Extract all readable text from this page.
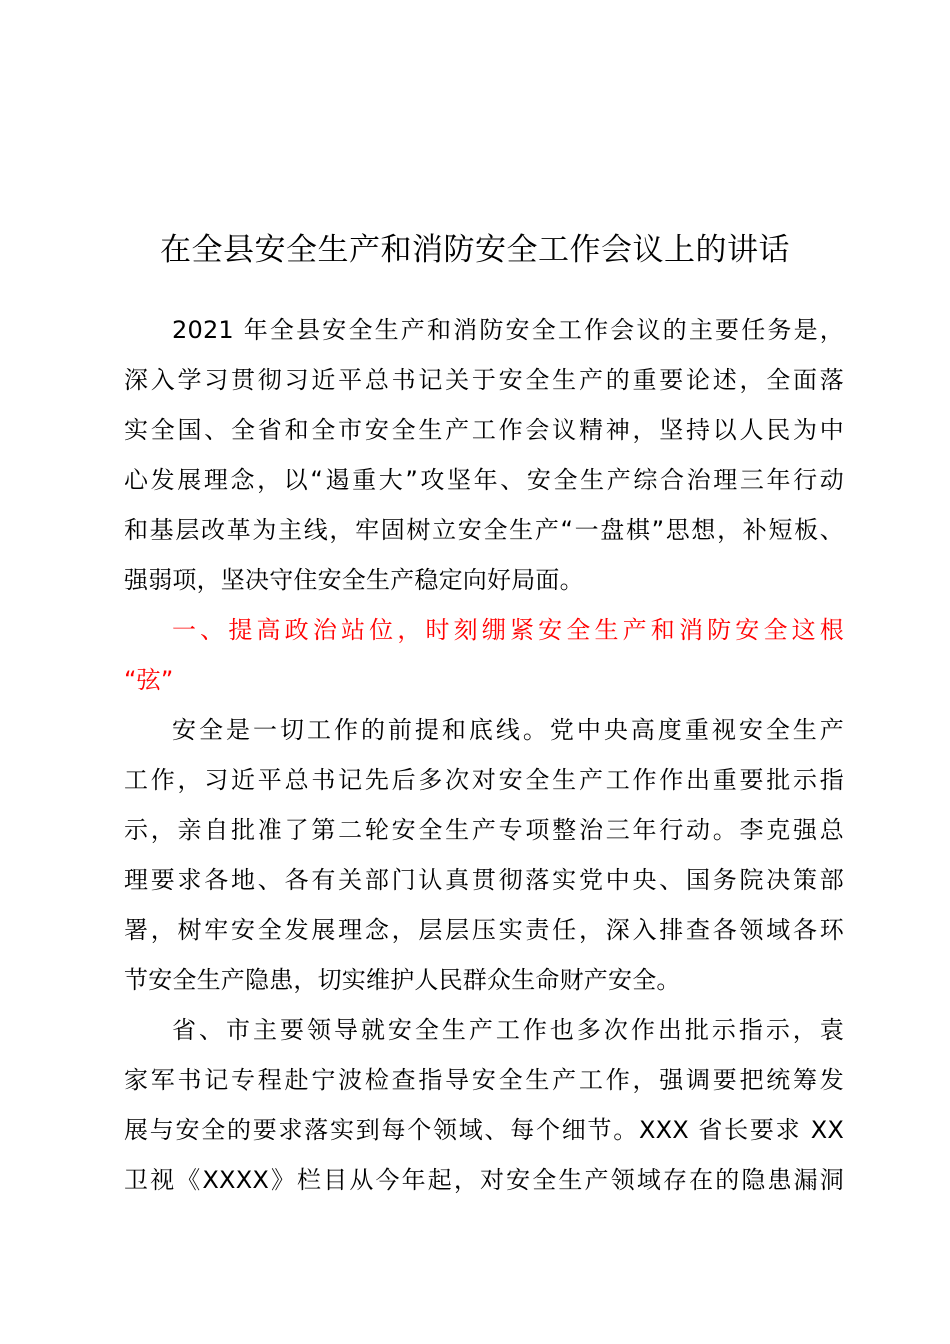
在全县安全生产和消防安全工作会议上的讲话
2021 年全县安全生产和消防安全工作会议的主要任务是，
深入学习贯彻习近平总书记关于安全生产的重要论述，全面落
实全国、全省和全市安全生产工作会议精神，坚持以人民为中
心发展理念，以“遏重大”攻坚年、安全生产综合治理三年行动
和基层改革为主线，牢固树立安全生产“一盘棋”思想，补短板、
强弱项，坚决守住安全生产稳定向好局面。
一、提高政治站位，时刻绷紧安全生产和消防安全这根
“弦”
安全是一切工作的前提和底线。党中央高度重视安全生产
工作，习近平总书记先后多次对安全生产工作作出重要批示指
示，亲自批准了第二轮安全生产专项整治三年行动。李克强总
理要求各地、各有关部门认真贯彻落实党中央、国务院决策部
署，树牢安全发展理念，层层压实责任，深入排查各领域各环
节安全生产隐患，切实维护人民群众生命财产安全。
省、市主要领导就安全生产工作也多次作出批示指示，袁
家军书记专程赴宁波检查指导安全生产工作，强调要把统筹发
展与安全的要求落实到每个领域、每个细节。XXX 省长要求 XX
卫视《XXXX》栏目从今年起，对安全生产领域存在的隐患漏洞
